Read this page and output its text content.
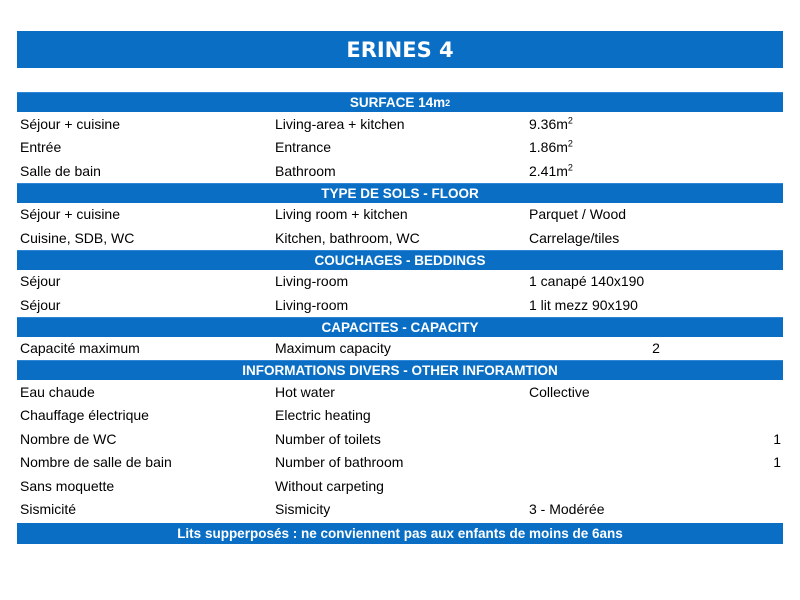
ERINES 4
SURFACE
14m 2
Séjour + cuisine	Living-area + kitchen	$9.36m^2$
Entrée	Entrance	$1.86m^2$
Salle de bain	Bathroom	$2.41m^2$
TYPE DE SOLS - FLOOR
Séjour + cuisine	Living room + kitchen	Parquet / Wood
Cuisine, SDB, WC	Kitchen, bathroom, WC	Carrelage/tiles
COUCHAGES - BEDDINGS
Séjour	Living-room	1 canapé 140x190
Séjour	Living-room	1 lit mezz 90x190
CAPACITES - CAPACITY
Capacité maximum	Maximum capacity	2
INFORMATIONS DIVERS - OTHER INFORAMTION
Eau chaude	Hot water	Collective
Chauffage électrique	Electric heating
Nombre de WC	Number of toilets	1
Nombre de salle de bain	Number of bathroom	1
Sans moquette	Without carpeting
Sismicité	Sismicity	3 - Modérée
Lits supperposés : ne conviennent pas aux enfants de moins de 6ans
